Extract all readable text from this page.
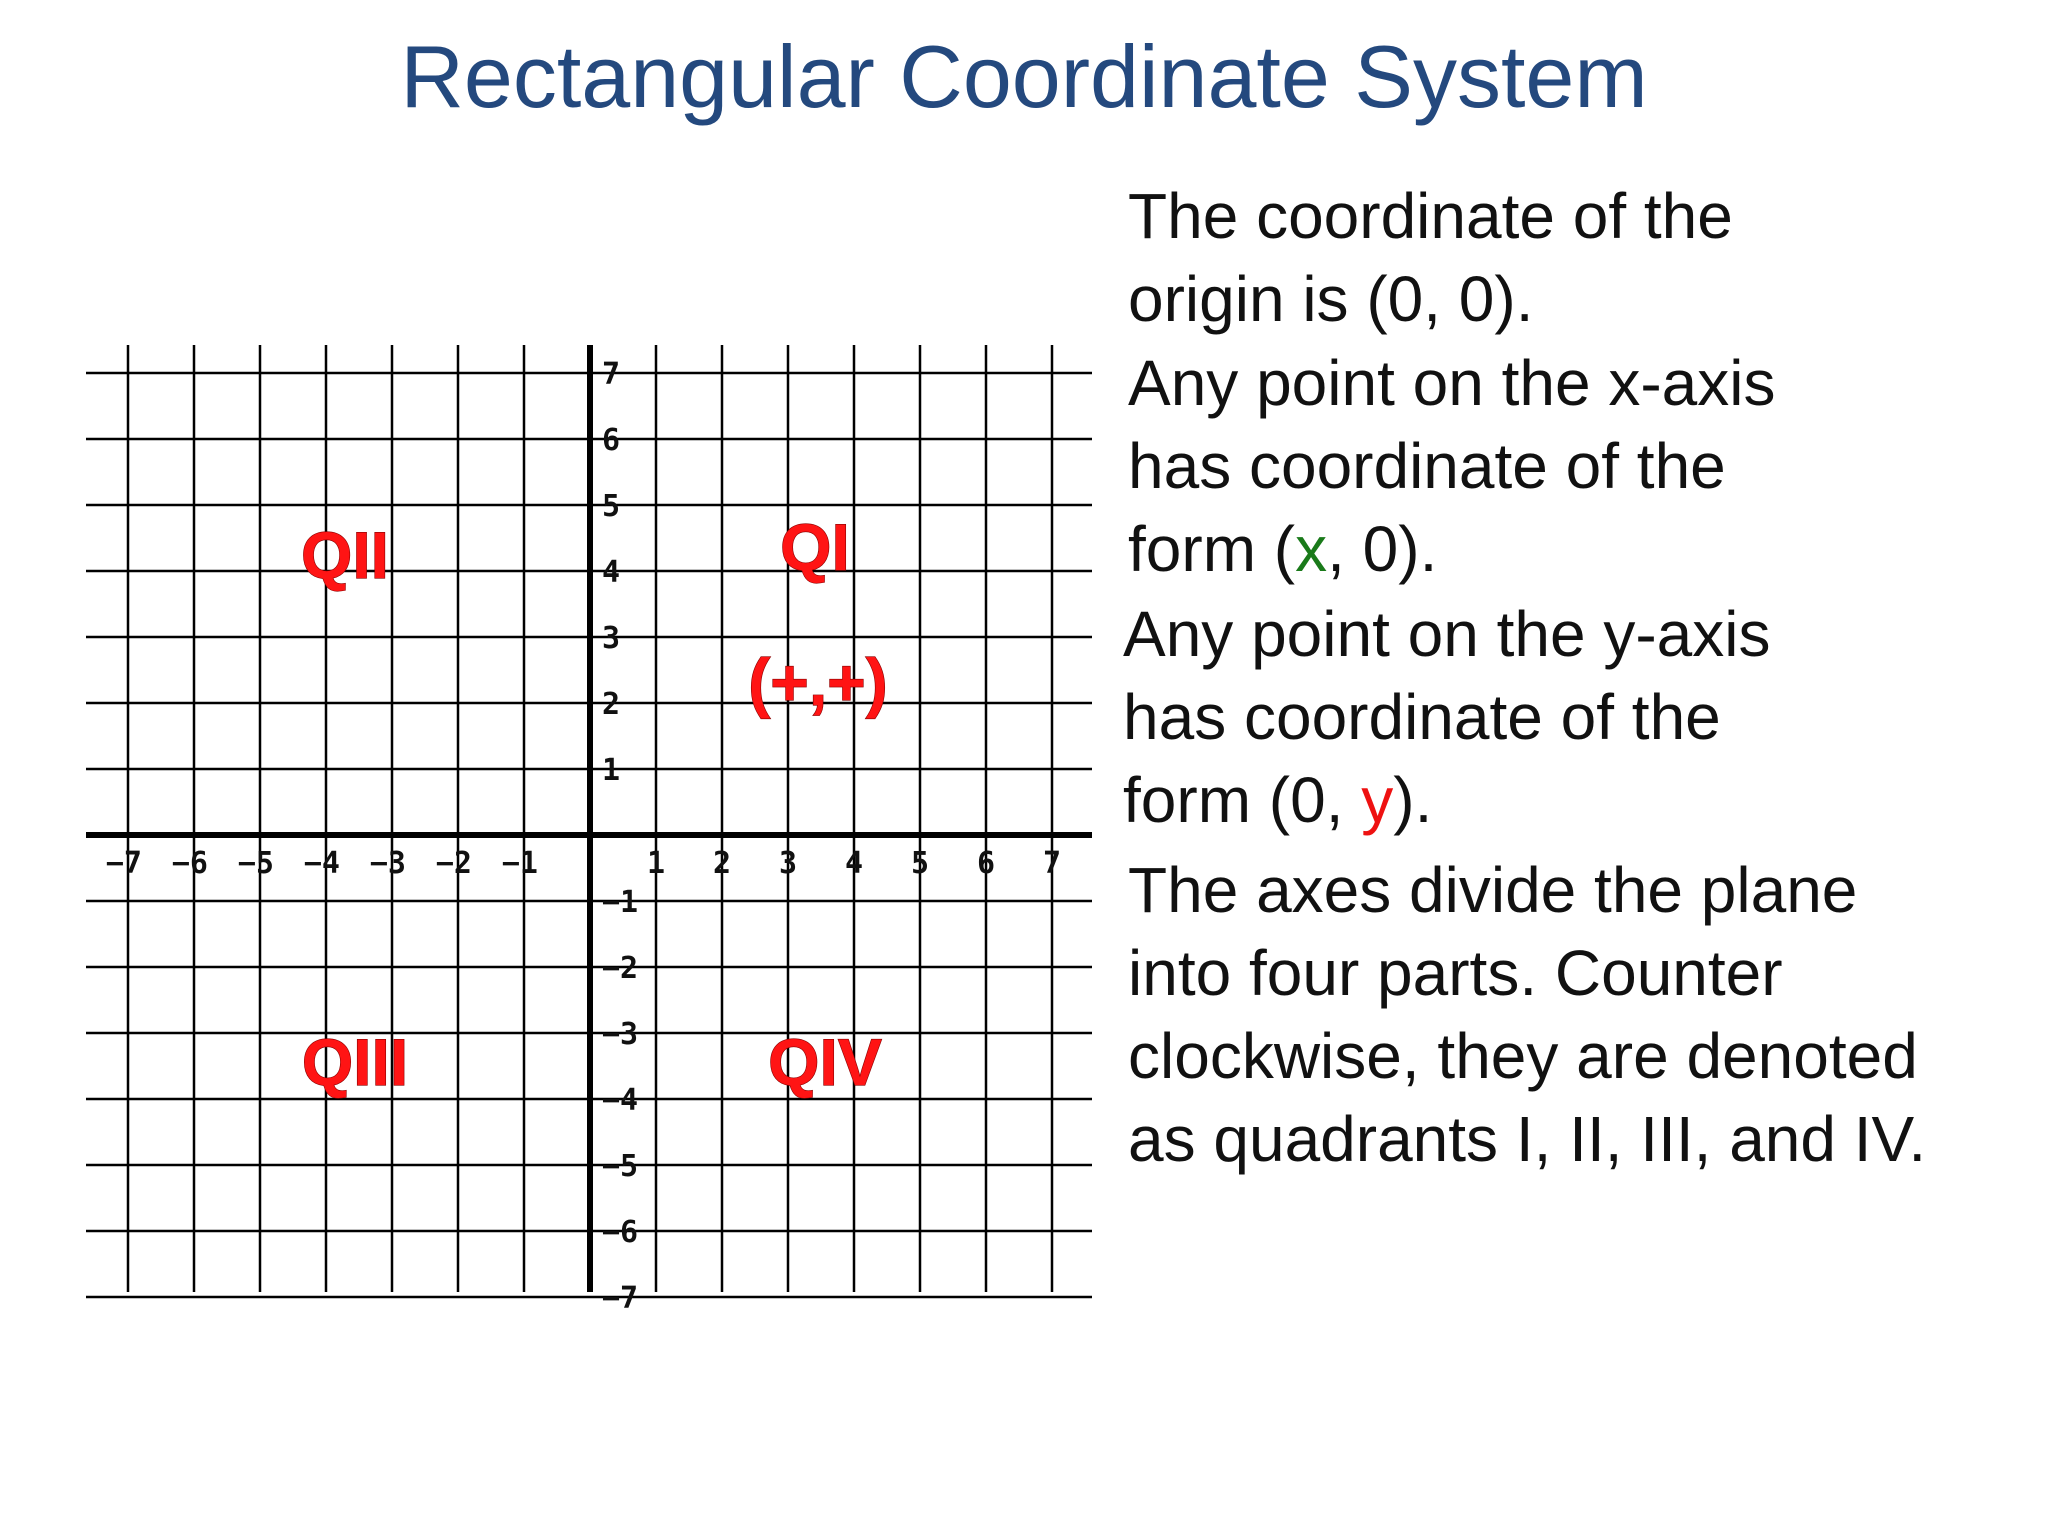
Rectangular Coordinate System
−7 −6 −5 −4 −3 −2 −1	1 2 3 4 5 6 7
7
6
5
4
3
2
1
−1
−2
−3
−4
−5
−6
−7
QI
(+,+)
QII
QIII	QIV
The coordinate of the
origin is (0, 0).
Any point on the x-axis
has coordinate of the
form (x, 0).
Any point on the y-axis
has coordinate of the
form (0, y).
The axes divide the plane
into four parts. Counter
clockwise, they are denoted
as quadrants I, II, III, and IV.
